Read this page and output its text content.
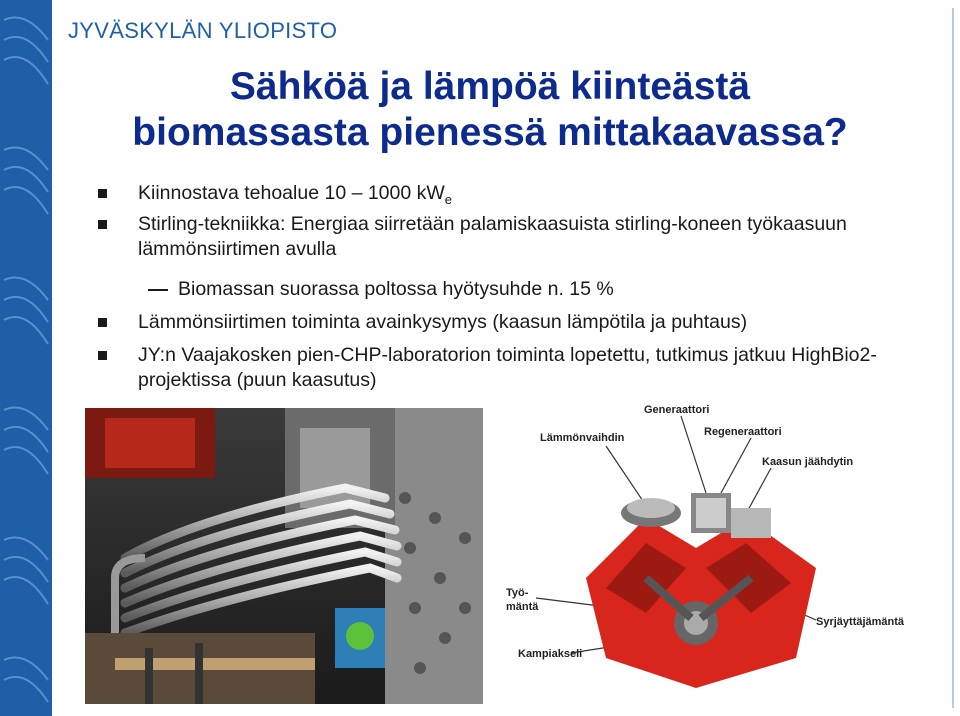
JYVÄSKYLÄN YLIOPISTO
Sähköä ja lämpöä kiinteästä
biomassasta pienessä mittakaavassa?
Kiinnostava tehoalue 10 – 1000 $kW_e$
Stirling-tekniikka: Energiaa siirretään palamiskaasuista stirling-koneen työkaasuun lämmönsiirtimen avulla
Biomassan suorassa poltossa hyötysuhde n. 15 %
Lämmönsiirtimen toiminta avainkysymys (kaasun lämpötila ja puhtaus)
JY:n Vaajakosken pien-CHP-laboratorion toiminta lopetettu, tutkimus jatkuu HighBio2-projektissa (puun kaasutus)
Generaattori
Lämmönvaihdin	Regeneraattori
Kaasun jäähdytin
Työ-
mäntä
Syrjäyttäjämäntä
Kampiakseli
